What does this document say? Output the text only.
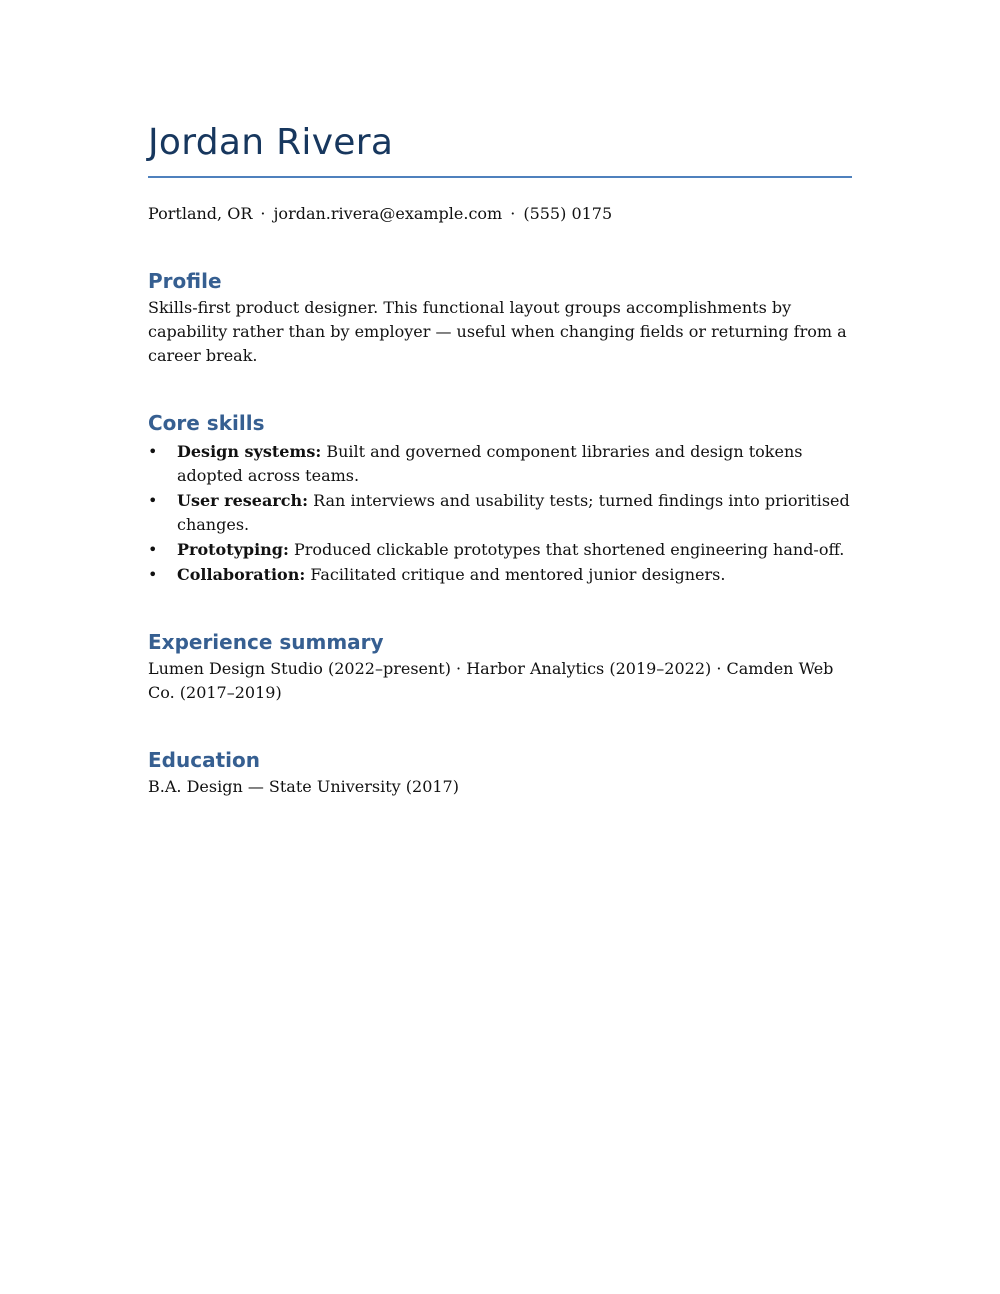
Jordan Rivera
Portland, OR · jordan.rivera@example.com · (555) 0175
Profile

Skills-first product designer. This functional layout groups accomplishments by capability rather than by employer — useful when changing fields or returning from a career break.

Core skills
• Design systems: Built and governed component libraries and design tokens adopted across teams.
• User research: Ran interviews and usability tests; turned findings into prioritised changes.
• Prototyping: Produced clickable prototypes that shortened engineering hand-off.
• Collaboration: Facilitated critique and mentored junior designers.
Experience summary

Lumen Design Studio (2022–present) · Harbor Analytics (2019–2022) · Camden Web Co. (2017–2019)

Education

B.A. Design — State University (2017)
